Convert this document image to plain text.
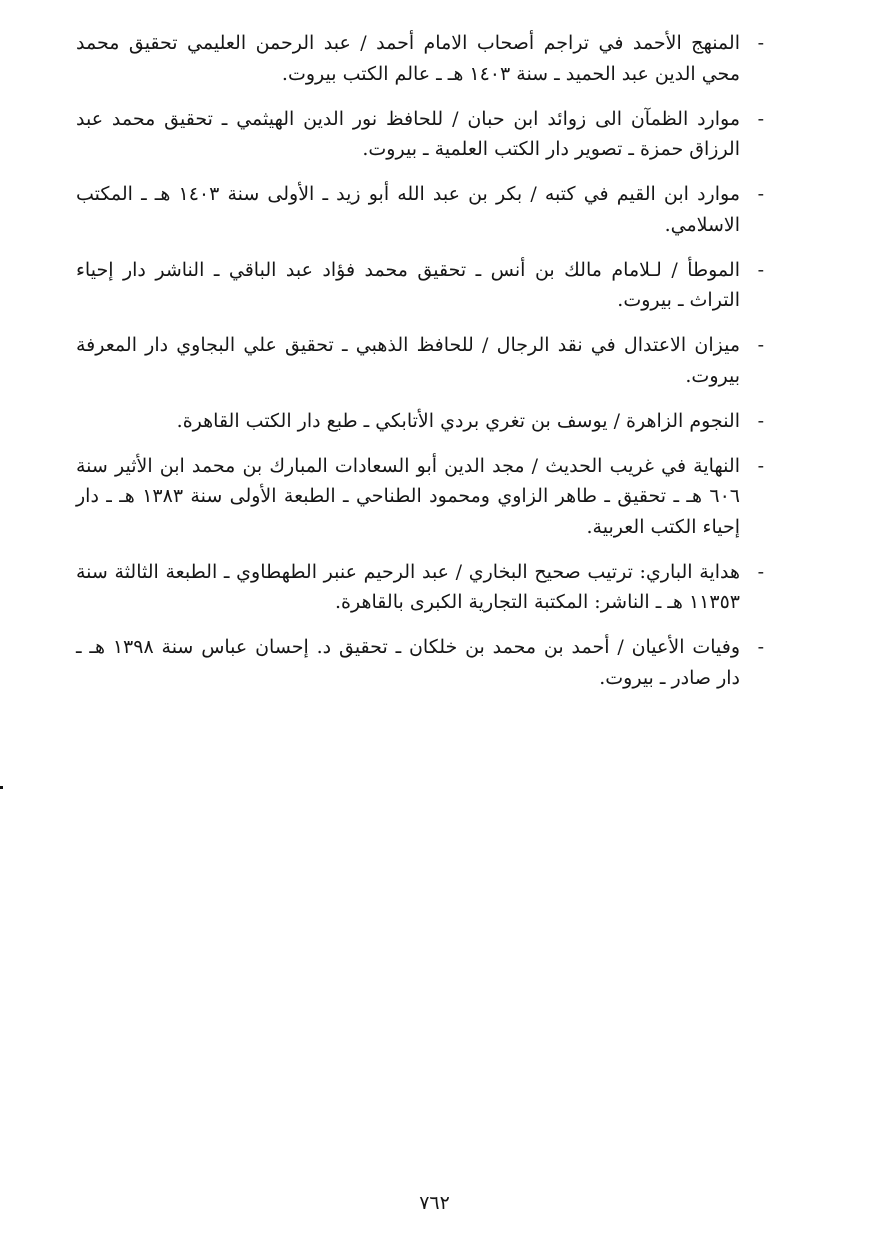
-
المنهج الأحمد في تراجم أصحاب الامام أحمد / عبد الرحمن العليمي تحقيق محمد محي الدين عبد الحميد ـ سنة ١٤٠٣ هـ ـ عالم الكتب بيروت.
-
موارد الظمآن الى زوائد ابن حبان / للحافظ نور الدين الهيثمي ـ تحقيق محمد عبد الرزاق حمزة ـ تصوير دار الكتب العلمية ـ بيروت.
-
موارد ابن القيم في كتبه / بكر بن عبد الله أبو زيد ـ الأولى سنة ١٤٠٣ هـ ـ المكتب الاسلامي.
-
الموطأ / لـلامام مالك بن أنس ـ تحقيق محمد فؤاد عبد الباقي ـ الناشر دار إحياء التراث ـ بيروت.
-
ميزان الاعتدال في نقد الرجال / للحافظ الذهبي ـ تحقيق علي البجاوي دار المعرفة بيروت.
-
النجوم الزاهرة / يوسف بن تغري بردي الأتابكي ـ طبع دار الكتب القاهرة.
-
النهاية في غريب الحديث / مجد الدين أبو السعادات المبارك بن محمد ابن الأثير سنة ٦٠٦ هـ ـ تحقيق ـ طاهر الزاوي ومحمود الطناحي ـ الطبعة الأولى سنة ١٣٨٣ هـ ـ دار إحياء الكتب العربية.
-
هداية الباري: ترتيب صحيح البخاري / عبد الرحيم عنبر الطهطاوي ـ الطبعة الثالثة سنة ١١٣٥٣ هـ ـ الناشر: المكتبة التجارية الكبرى بالقاهرة.
-
وفيات الأعيان / أحمد بن محمد بن خلكان ـ تحقيق د. إحسان عباس سنة ١٣٩٨ هـ ـ دار صادر ـ بيروت.
٧٦٢
